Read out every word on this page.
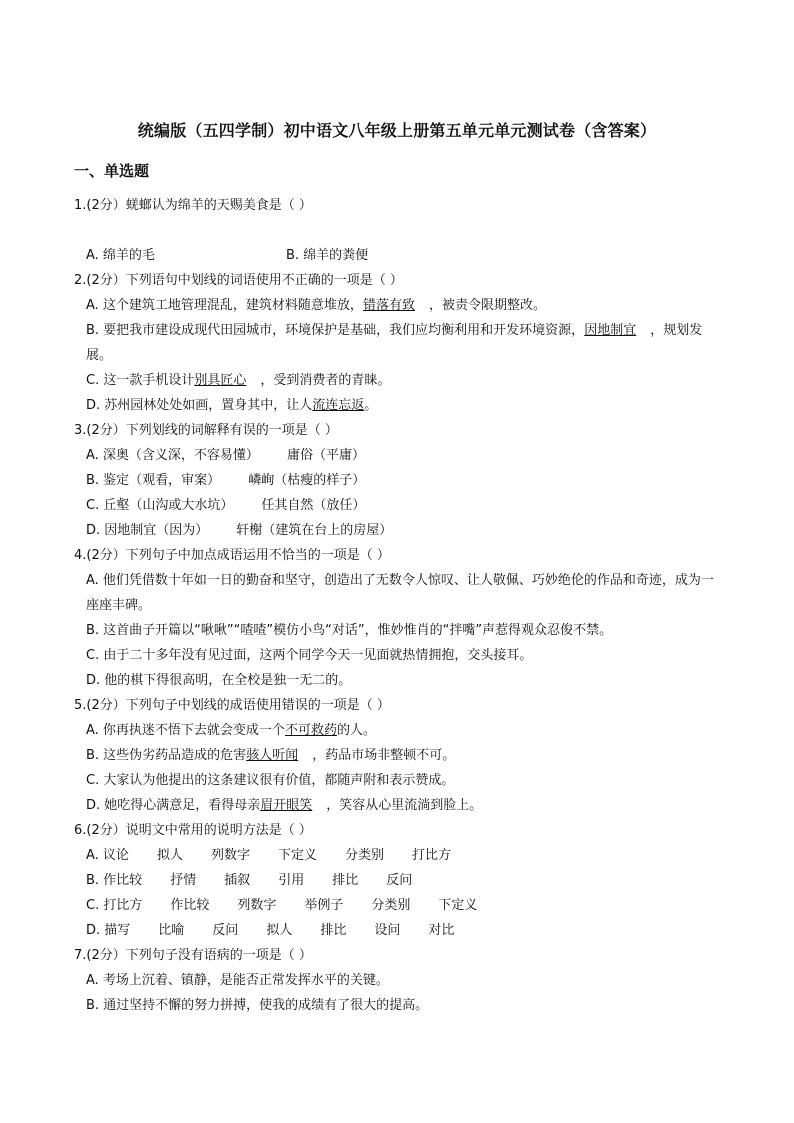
统编版（五四学制）初中语文八年级上册第五单元单元测试卷（含答案）
一、单选题
1.(2分）蜣螂认为绵羊的天赐美食是（ ）
A. 绵羊的毛	B. 绵羊的粪便
2.(2分）下列语句中划线的词语使用不正确的一项是（ ）
A. 这个建筑工地管理混乱，建筑材料随意堆放，错落有致 ，被责令限期整改。
B. 要把我市建设成现代田园城市，环境保护是基础，我们应均衡利用和开发环境资源，因地制宜 ，规划发展。
C. 这一款手机设计别具匠心 ，受到消费者的青睐。
D. 苏州园林处处如画，置身其中，让人流连忘返。
3.(2分）下列划线的词解释有误的一项是（ ）
A. 深奥（含义深，不容易懂） 庸俗（平庸）
B. 鉴定（观看，审案） 嶙峋（枯瘦的样子）
C. 丘壑（山沟或大水坑） 任其自然（放任）
D. 因地制宜（因为） 轩榭（建筑在台上的房屋）
4.(2分）下列句子中加点成语运用不恰当的一项是（ ）
A. 他们凭借数十年如一日的勤奋和坚守，创造出了无数令人惊叹、让人敬佩、巧妙绝伦的作品和奇迹，成为一座座丰碑。
B. 这首曲子开篇以“啾啾”“喳喳”模仿小鸟“对话”，惟妙惟肖的“拌嘴”声惹得观众忍俊不禁。
C. 由于二十多年没有见过面，这两个同学今天一见面就热情拥抱，交头接耳。
D. 他的棋下得很高明，在全校是独一无二的。
5.(2分）下列句子中划线的成语使用错误的一项是（ ）
A. 你再执迷不悟下去就会变成一个不可救药的人。
B. 这些伪劣药品造成的危害骇人听闻 ，药品市场非整顿不可。
C. 大家认为他提出的这条建议很有价值，都随声附和表示赞成。
D. 她吃得心满意足，看得母亲眉开眼笑 ，笑容从心里流淌到脸上。
6.(2分）说明文中常用的说明方法是（ ）
A. 议论 拟人 列数字 下定义 分类别 打比方
B. 作比较 抒情 插叙 引用 排比 反问
C. 打比方 作比较 列数字 举例子 分类别 下定义
D. 描写 比喻 反问 拟人 排比 设问 对比
7.(2分）下列句子没有语病的一项是（ ）
A. 考场上沉着、镇静，是能否正常发挥水平的关键。
B. 通过坚持不懈的努力拼搏，使我的成绩有了很大的提高。
